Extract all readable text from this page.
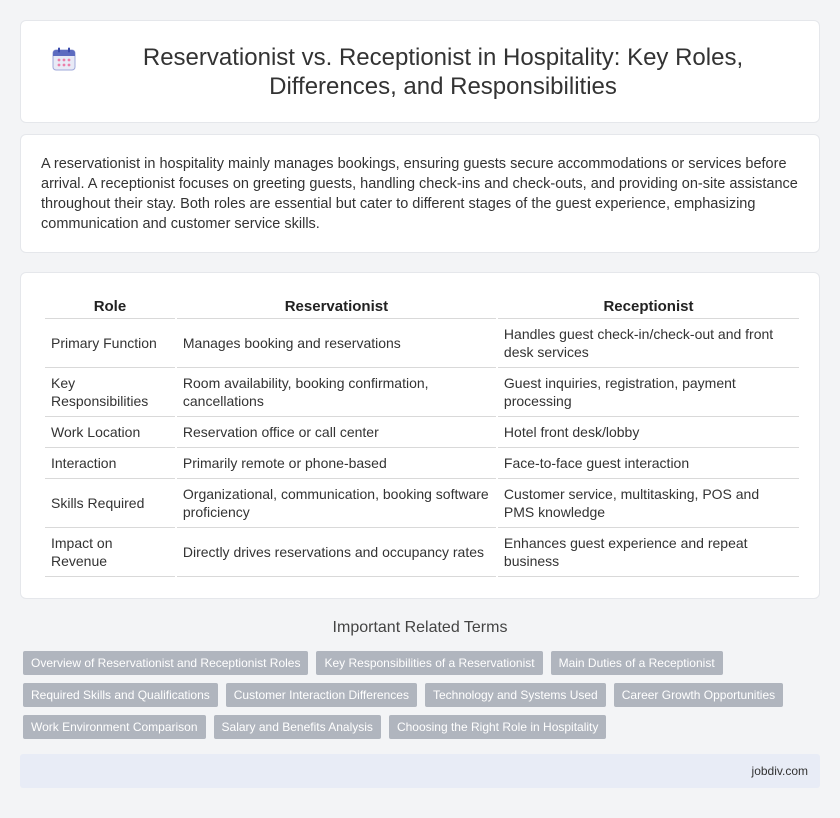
Reservationist vs. Receptionist in Hospitality: Key Roles, Differences, and Responsibilities

A reservationist in hospitality mainly manages bookings, ensuring guests secure accommodations or services before arrival. A receptionist focuses on greeting guests, handling check-ins and check-outs, and providing on-site assistance throughout their stay. Both roles are essential but cater to different stages of the guest experience, emphasizing communication and customer service skills.

Role	Reservationist	Receptionist
Primary Function	Manages booking and reservations	Handles guest check-in/check-out and front desk services
Key Responsibilities	Room availability, booking confirmation, cancellations	Guest inquiries, registration, payment processing
Work Location	Reservation office or call center	Hotel front desk/lobby
Interaction	Primarily remote or phone-based	Face-to-face guest interaction
Skills Required	Organizational, communication, booking software proficiency	Customer service, multitasking, POS and PMS knowledge
Impact on Revenue	Directly drives reservations and occupancy rates	Enhances guest experience and repeat business
Important Related Terms
Overview of Reservationist and Receptionist Roles	Key Responsibilities of a Reservationist	Main Duties of a Receptionist
Required Skills and Qualifications	Customer Interaction Differences	Technology and Systems Used	Career Growth Opportunities
Work Environment Comparison	Salary and Benefits Analysis	Choosing the Right Role in Hospitality
jobdiv.com
